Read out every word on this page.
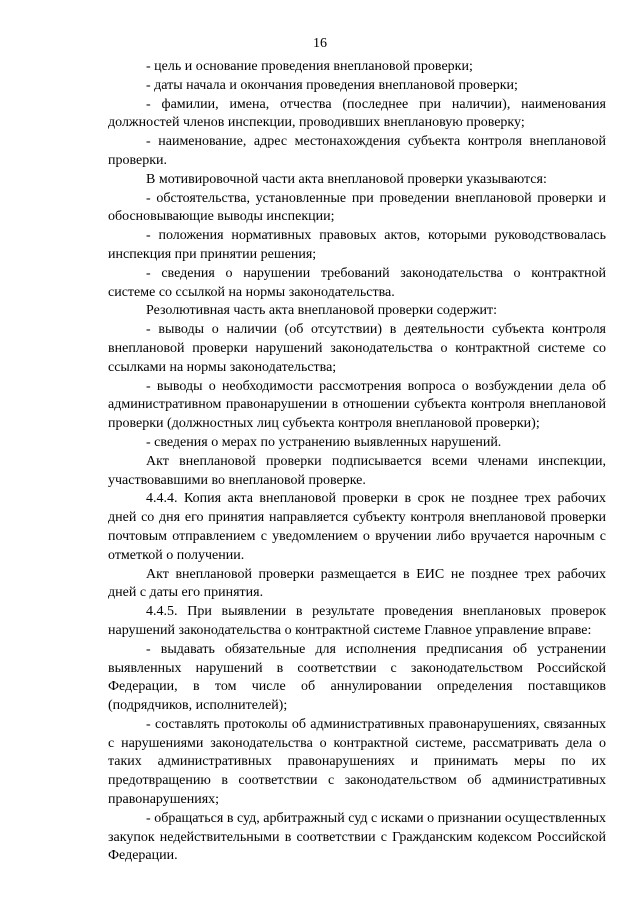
16

- цель и основание проведения внеплановой проверки;

- даты начала и окончания проведения внеплановой проверки;

- фамилии, имена, отчества (последнее при наличии), наименования должностей членов инспекции, проводивших внеплановую проверку;

- наименование, адрес местонахождения субъекта контроля внеплановой проверки.

В мотивировочной части акта внеплановой проверки указываются:

- обстоятельства, установленные при проведении внеплановой проверки и обосновывающие выводы инспекции;

- положения нормативных правовых актов, которыми руководствовалась инспекция при принятии решения;

- сведения о нарушении требований законодательства о контрактной системе со ссылкой на нормы законодательства.

Резолютивная часть акта внеплановой проверки содержит:

- выводы о наличии (об отсутствии) в деятельности субъекта контроля внеплановой проверки нарушений законодательства о контрактной системе со ссылками на нормы законодательства;

- выводы о необходимости рассмотрения вопроса о возбуждении дела об административном правонарушении в отношении субъекта контроля внеплановой проверки (должностных лиц субъекта контроля внеплановой проверки);

- сведения о мерах по устранению выявленных нарушений.

Акт внеплановой проверки подписывается всеми членами инспекции, участвовавшими во внеплановой проверке.

4.4.4. Копия акта внеплановой проверки в срок не позднее трех рабочих дней со дня его принятия направляется субъекту контроля внеплановой проверки почтовым отправлением с уведомлением о вручении либо вручается нарочным с отметкой о получении.

Акт внеплановой проверки размещается в ЕИС не позднее трех рабочих дней с даты его принятия.

4.4.5. При выявлении в результате проведения внеплановых проверок нарушений законодательства о контрактной системе Главное управление вправе:

- выдавать обязательные для исполнения предписания об устранении выявленных нарушений в соответствии с законодательством Российской Федерации, в том числе об аннулировании определения поставщиков (подрядчиков, исполнителей);

- составлять протоколы об административных правонарушениях, связанных с нарушениями законодательства о контрактной системе, рассматривать дела о таких административных правонарушениях и принимать меры по их предотвращению в соответствии с законодательством об административных правонарушениях;

- обращаться в суд, арбитражный суд с исками о признании осуществленных закупок недействительными в соответствии с Гражданским кодексом Российской Федерации.
